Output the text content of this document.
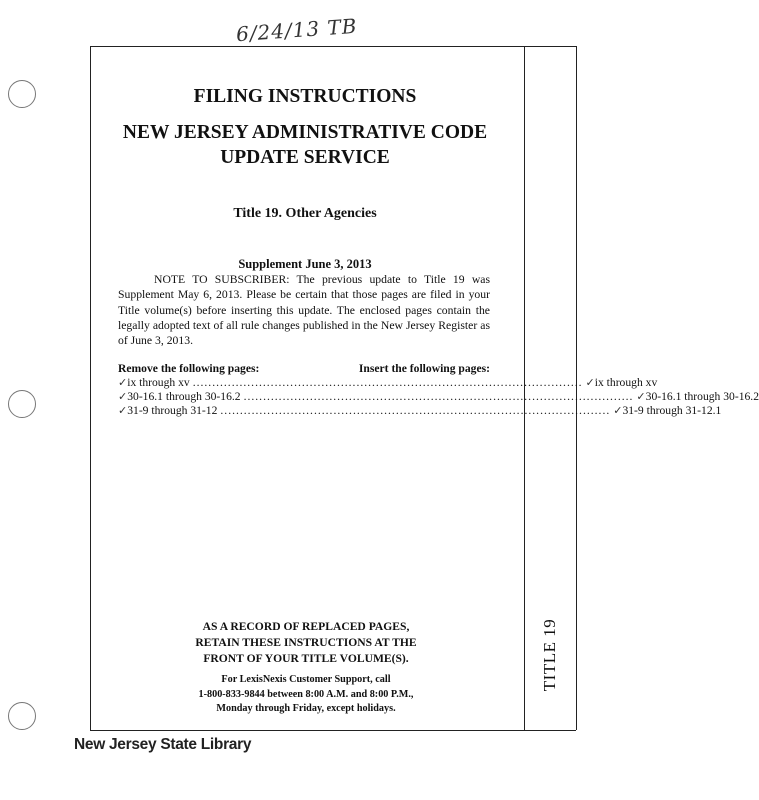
6/24/13 TB
TITLE 19
FILING INSTRUCTIONS
NEW JERSEY ADMINISTRATIVE CODE
UPDATE SERVICE
Title 19. Other Agencies
Supplement June 3, 2013
NOTE TO SUBSCRIBER: The previous update to Title 19 was Supplement May 6, 2013. Please be certain that those pages are filed in your Title volume(s) before inserting this update. The enclosed pages contain the legally adopted text of all rule changes published in the New Jersey Register as of June 3, 2013.
Remove the following pages:	Insert the following pages:
✓ ix through xv .................................................................................................... ✓ ix through xv
✓ 30-16.1 through 30-16.2 .................................................................................................... ✓ 30-16.1 through 30-16.2
✓ 31-9 through 31-12 .................................................................................................... ✓ 31-9 through 31-12.1
AS A RECORD OF REPLACED PAGES,
RETAIN THESE INSTRUCTIONS AT THE
FRONT OF YOUR TITLE VOLUME(S).
For LexisNexis Customer Support, call
1-800-833-9844 between 8:00 A.M. and 8:00 P.M.,
Monday through Friday, except holidays.
New Jersey State Library
